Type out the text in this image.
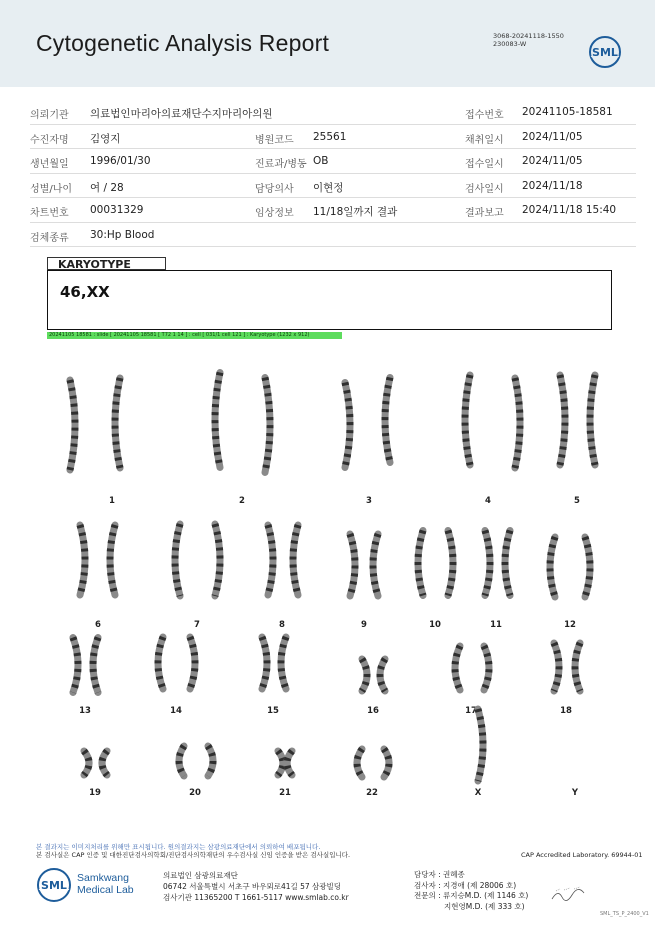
Cytogenetic Analysis Report	3068-20241118-1550
230083-W
SML
의뢰기관 의료법인마리아의료재단수지마리아의원	접수번호 20241105-18581
수진자명 김영지	병원코드 25561	채취일시 2024/11/05
생년월일 1996/01/30	진료과/병동 OB	접수일시 2024/11/05
성별/나이 여 / 28	담당의사 이현정	검사일시 2024/11/18
차트번호 00031329	임상정보 11/18일까지 결과	결과보고 2024/11/18 15:40
검체종류 30:Hp Blood
KARYOTYPE
46,XX
20241105 18581 : slide [ 20241105 18581 [ T72 1 14 ] : cell [ 031/1 cell 121 ] : Karyotype (1232 x 912)
1	2	3	4	5
6	7	8	9	10	11	12
13	14	15	16	17	18
19	20	21	22	X	Y
본 결과지는 이미지처리를 위해만 표시됩니다. 원의결과지는 삼광의료재단에서 의뢰하여 배포됩니다.
본 검사실은 CAP 인증 및 대한진단검사의학회/진단검사의학재단의 우수검사실 신임 인증을 받은 검사실입니다.	CAP Accredited Laboratory. 69944-01
SML
Samkwang
Medical Lab
의료법인 삼광의료재단
06742 서울특별시 서초구 바우뫼로41길 57 삼광빌딩
검사기관 11365200 T 1661-5117 www.smlab.co.kr
담당자 : 권혜종
검사자 : 지경애 (제 28006 호)
전문의 : 류지승M.D. (제 1146 호)
지현영M.D. (제 333 호)
SML_TS_P_2400_V1
